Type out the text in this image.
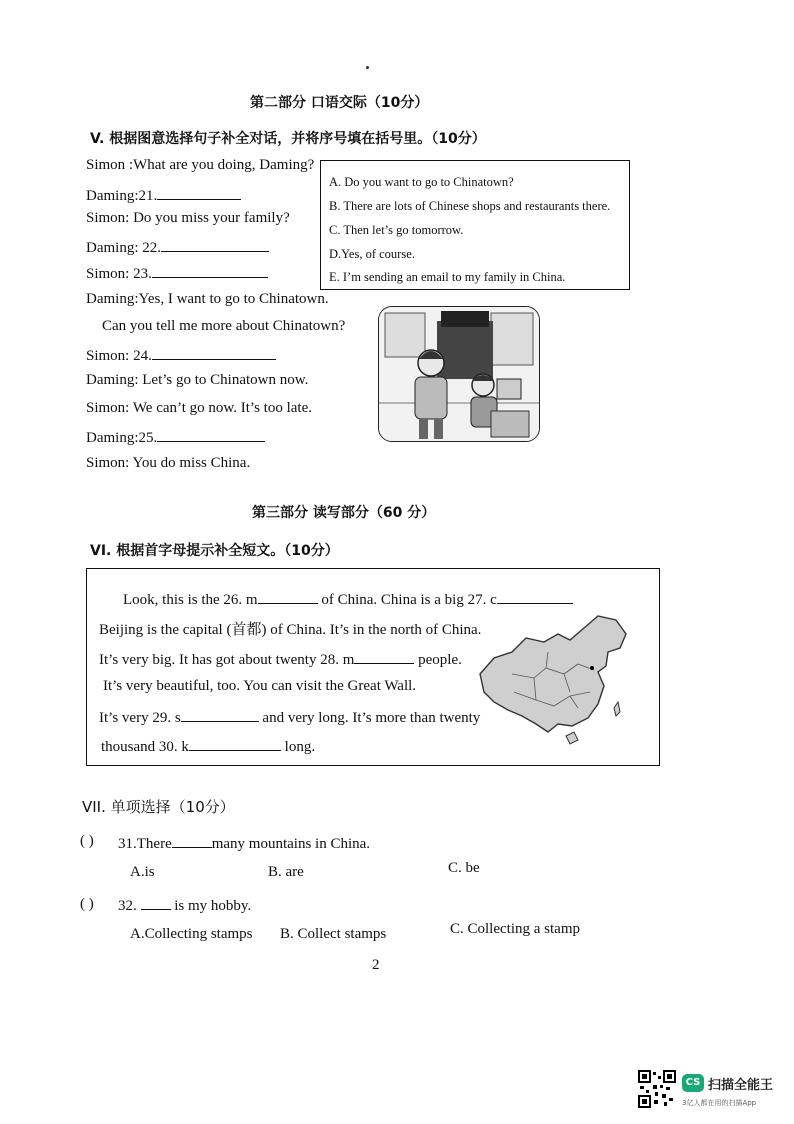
第二部分 口语交际（10分）
V. 根据图意选择句子补全对话，并将序号填在括号里。（10分）
Simon :What are you doing, Daming?
Daming:21.
Simon: Do you miss your family?
Daming: 22.
Simon: 23.
Daming:Yes, I want to go to Chinatown.
Can you tell me more about Chinatown?
Simon: 24.
Daming: Let’s go to Chinatown now.
Simon: We can’t go now. It’s too late.
Daming:25.
Simon: You do miss China.
A. Do you want to go to Chinatown?
B. There are lots of Chinese shops and restaurants there.
C. Then let’s go tomorrow.
D.Yes, of course.
E. I’m sending an email to my family in China.
第三部分 读写部分（60 分）
VI. 根据首字母提示补全短文。（10分）
Look, this is the 26. m	of China. China is a big 27. c
Beijing is the capital (首都) of China. It’s in the north of China.
It’s very big. It has got about twenty 28. m	people.
It’s very beautiful, too. You can visit the Great Wall.
It’s very 29. s	and very long. It’s more than twenty
thousand 30. k	long.
VII. 单项选择（10分）
( ) 31.There	many mountains in China.
A.is	B. are	C. be
( ) 32.	is my hobby.
A.Collecting stamps B. Collect stamps	C. Collecting a stamp
2
CS 扫描全能王
3亿人都在用的扫描App
